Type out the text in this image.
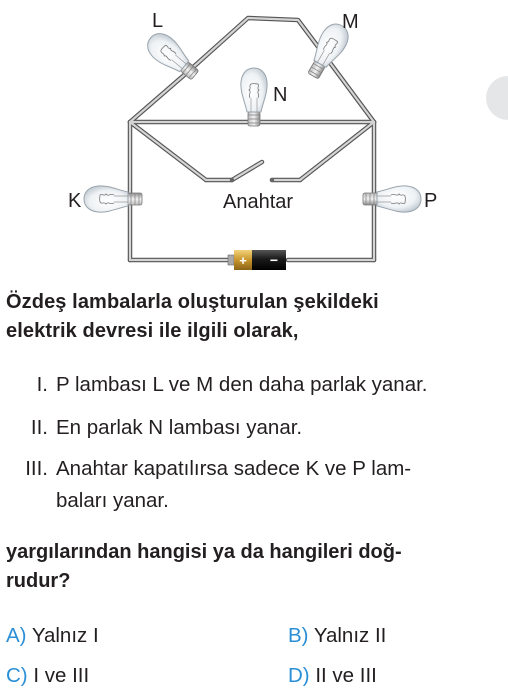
+ −
L	M
N
K	P
Anahtar
Özdeş lambalarla oluşturulan şekildeki
elektrik devresi ile ilgili olarak,
I. P lambası L ve M den daha parlak yanar.
II. En parlak N lambası yanar.
III. Anahtar kapatılırsa sadece K ve P lam-
baları yanar.
yargılarından hangisi ya da hangileri doğ-
rudur?
A) Yalnız I	B) Yalnız II
C) I ve III	D) II ve III
